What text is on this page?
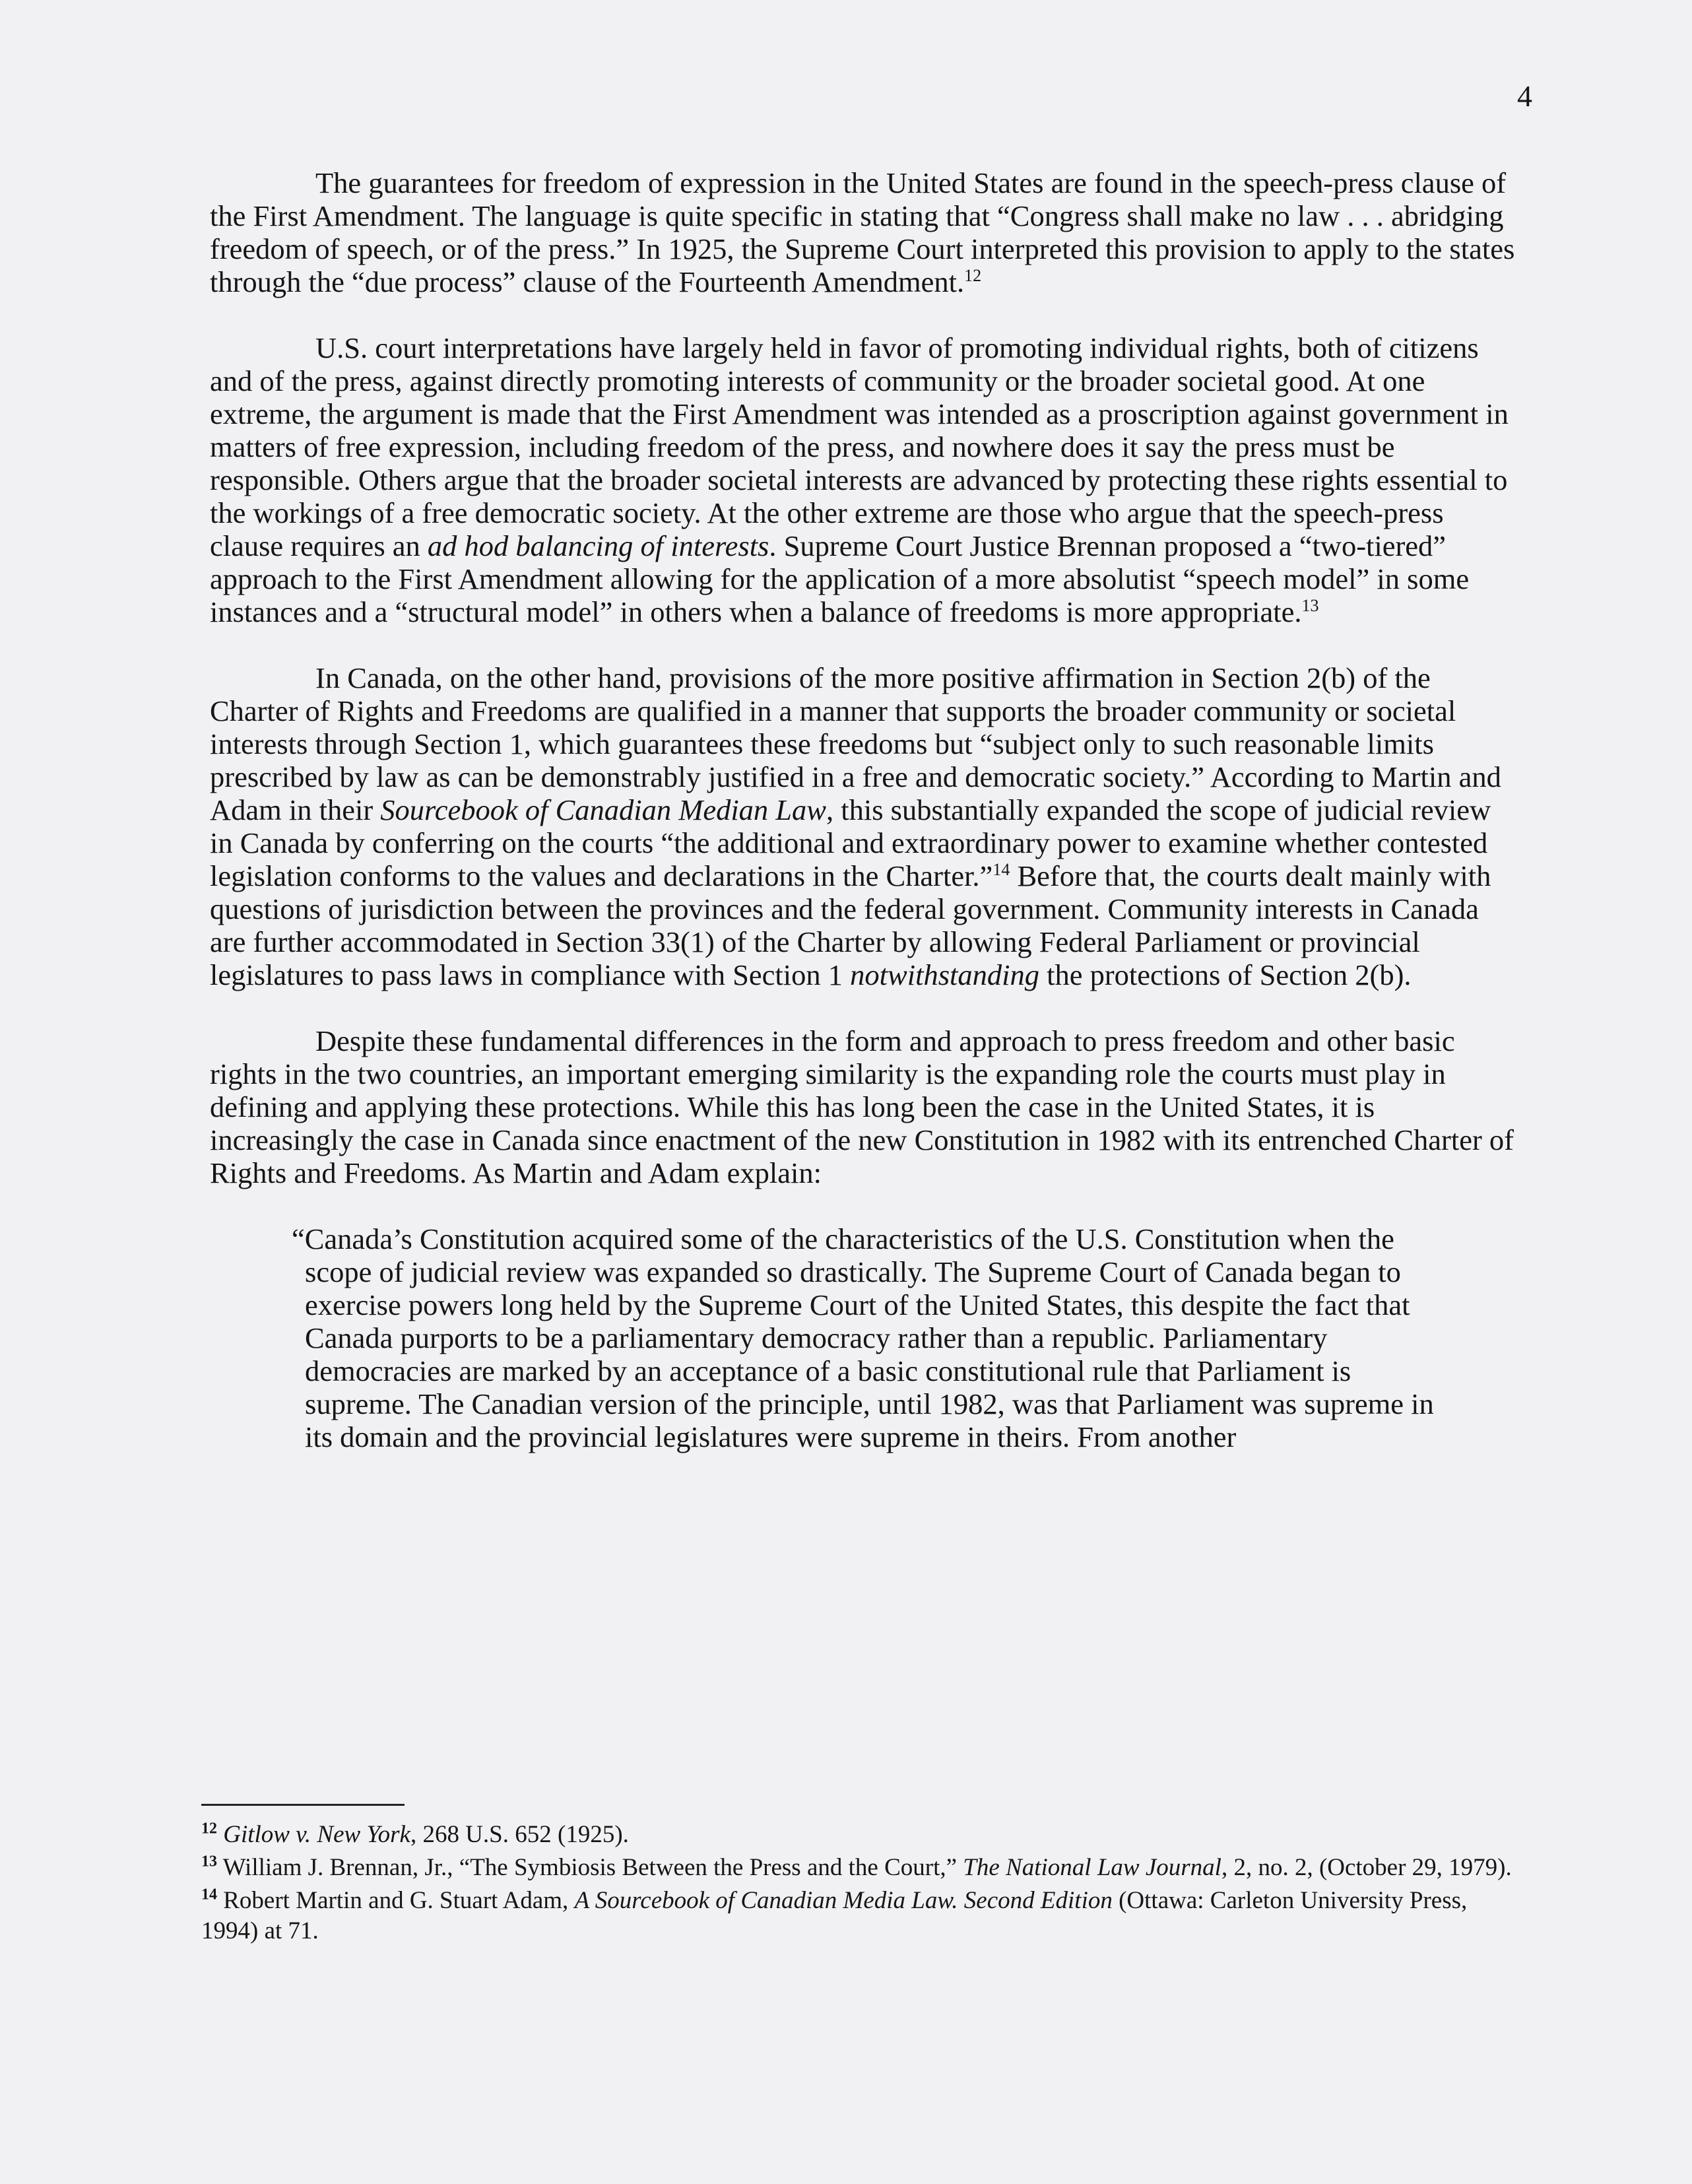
4

The guarantees for freedom of expression in the United States are found in the speech-press clause of the First Amendment. The language is quite specific in stating that “Congress shall make no law . . . abridging freedom of speech, or of the press.” In 1925, the Supreme Court interpreted this provision to apply to the states through the “due process” clause of the Fourteenth Amendment.$^{12}$

U.S. court interpretations have largely held in favor of promoting individual rights, both of citizens and of the press, against directly promoting interests of community or the broader societal good. At one extreme, the argument is made that the First Amendment was intended as a proscription against government in matters of free expression, including freedom of the press, and nowhere does it say the press must be responsible. Others argue that the broader societal interests are advanced by protecting these rights essential to the workings of a free democratic society. At the other extreme are those who argue that the speech-press clause requires an ad hod balancing of interests. Supreme Court Justice Brennan proposed a “two-tiered” approach to the First Amendment allowing for the application of a more absolutist “speech model” in some instances and a “structural model” in others when a balance of freedoms is more appropriate.$^{13}$

In Canada, on the other hand, provisions of the more positive affirmation in Section 2(b) of the Charter of Rights and Freedoms are qualified in a manner that supports the broader community or societal interests through Section 1, which guarantees these freedoms but “subject only to such reasonable limits prescribed by law as can be demonstrably justified in a free and democratic society.” According to Martin and Adam in their Sourcebook of Canadian Median Law, this substantially expanded the scope of judicial review in Canada by conferring on the courts “the additional and extraordinary power to examine whether contested legislation conforms to the values and declarations in the Charter.”$^{14}$ Before that, the courts dealt mainly with questions of jurisdiction between the provinces and the federal government. Community interests in Canada are further accommodated in Section 33(1) of the Charter by allowing Federal Parliament or provincial legislatures to pass laws in compliance with Section 1 notwithstanding the protections of Section 2(b).

Despite these fundamental differences in the form and approach to press freedom and other basic rights in the two countries, an important emerging similarity is the expanding role the courts must play in defining and applying these protections. While this has long been the case in the United States, it is increasingly the case in Canada since enactment of the new Constitution in 1982 with its entrenched Charter of Rights and Freedoms. As Martin and Adam explain:

“Canada’s Constitution acquired some of the characteristics of the U.S. Constitution when the scope of judicial review was expanded so drastically. The Supreme Court of Canada began to exercise powers long held by the Supreme Court of the United States, this despite the fact that Canada purports to be a parliamentary democracy rather than a republic. Parliamentary democracies are marked by an acceptance of a basic constitutional rule that Parliament is supreme. The Canadian version of the principle, until 1982, was that Parliament was supreme in its domain and the provincial legislatures were supreme in theirs. From another

$^{12}$ Gitlow v. New York, 268 U.S. 652 (1925).

$^{13}$ William J. Brennan, Jr., “The Symbiosis Between the Press and the Court,” The National Law Journal, 2, no. 2, (October 29, 1979).

$^{14}$ Robert Martin and G. Stuart Adam, A Sourcebook of Canadian Media Law. Second Edition (Ottawa: Carleton University Press, 1994) at 71.
